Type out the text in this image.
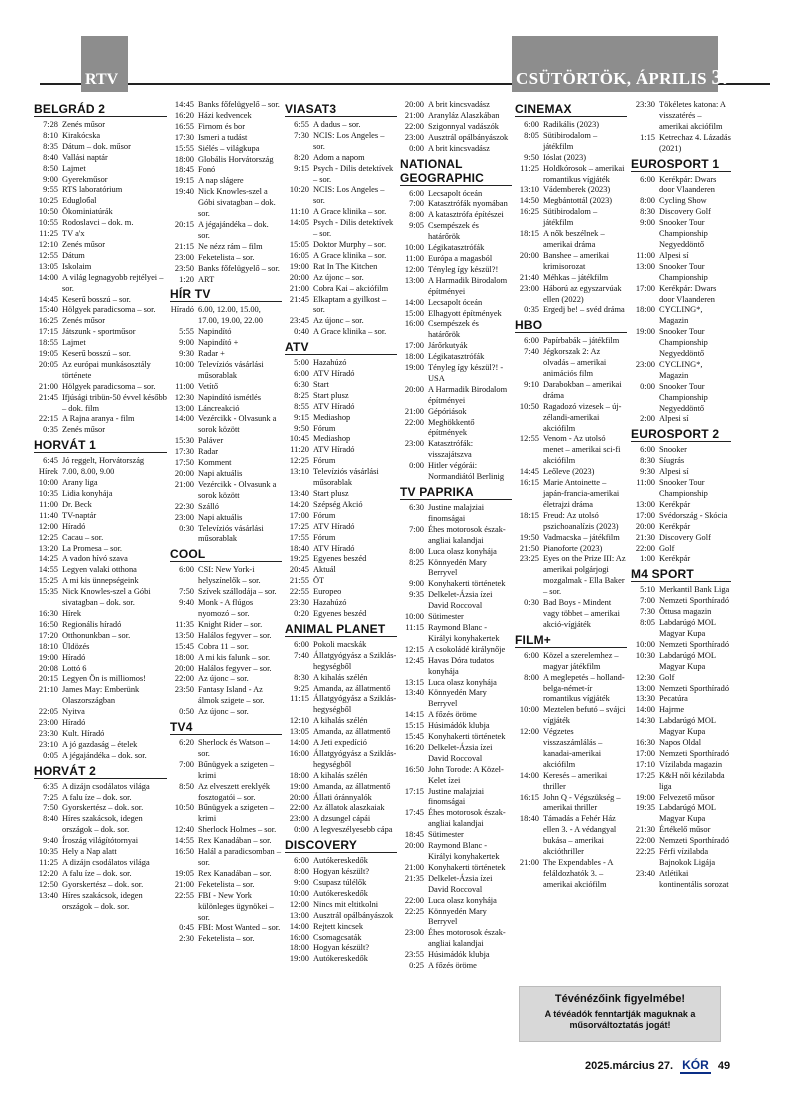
RTV	CSÜTÖRTÖK, ÁPRILIS 3.
BELGRÁD 2
7:28 Zenés műsor
8:10 Kirakócska
8:35 Dátum – dok. műsor
8:40 Vallási naptár
8:50 Lajmet
9:00 Gyerekműsor
9:55 RTS laboratórium
10:25 Edugloбal
10:50 Ökominiatúrák
10:55 Rodoslavci – dok. m.
11:25 TV a'x
12:10 Zenés műsor
12:55 Dátum
13:05 Iskolaim
14:00 A világ legnagyobb rejtélyei – sor.
14:45 Keserű bosszú – sor.
15:40 Hölgyek paradicsoma – sor.
16:25 Zenés műsor
17:15 Játszunk - sportműsor
18:55 Lajmet
19:05 Keserű bosszú – sor.
20:05 Az európai munkásosztály története
21:00 Hölgyek paradicsoma – sor.
21:45 Ifjúsági tribün-50 évvel később – dok. film
22:15 A Rajna aranya - film
0:35 Zenés műsor
HORVÁT 1
6:45 Jó reggelt, Horvátország
Hírek 7.00, 8.00, 9.00
10:00 Arany liga
10:35 Lidia konyhája
11:00 Dr. Beck
11:40 TV-naptár
12:00 Híradó
12:25 Cacau – sor.
13:20 La Promesa – sor.
14:25 A vadon hívó szava
14:55 Legyen valaki otthona
15:25 A mi kis ünnepségeink
15:35 Nick Knowles-szel a Góbi sivatagban – dok. sor.
16:30 Hírek
16:50 Regionális híradó
17:20 Otthonunkban – sor.
18:10 Üldözés
19:00 Híradó
20:08 Lottó 6
20:15 Legyen Ön is milliomos!
21:10 James May: Emberünk Olaszországban
22:05 Nyitva
23:00 Híradó
23:30 Kult. Híradó
23:10 A jó gazdaság – ételek
0:05 A jégajándéka – dok. sor.
HORVÁT 2
6:35 A dizájn csodálatos világa
7:25 A falu íze – dok. sor.
7:50 Gyorskertész – dok. sor.
8:40 Híres szakácsok, idegen országok – dok. sor.
9:40 Íroszág világítótornyai
10:35 Hely a Nap alatt
11:25 A dizájn csodálatos világa
12:20 A falu íze – dok. sor.
12:50 Gyorskertész – dok. sor.
13:40 Híres szakácsok, idegen országok – dok. sor.
14:45 Banks főfelügyelő – sor.
16:20 Házi kedvencek
16:55 Firnom és bor
17:30 Ismeri a tudást
15:55 Siélés – világkupa
18:00 Globális Horvátország
18:45 Fonó
19:15 A nap slágere
19:40 Nick Knowles-szel a Góbi sivatagban – dok. sor.
20:15 A jégajándéka – dok. sor.
21:15 Ne nézz rám – film
23:00 Feketelista – sor.
23:50 Banks főfelügyelő – sor.
1:20 ART
HÍR TV
Híradó 6.00, 12.00, 15.00, 17.00, 19.00, 22.00
5:55 Napindító
9:00 Napindító +
9:30 Radar +
10:00 Televíziós vásárlási műsorablak
11:00 Vetítő
12:30 Napindító ismétlés
13:00 Láncreakció
14:00 Vezércikk - Olvasunk a sorok között
15:30 Paláver
17:30 Radar
17:50 Komment
20:00 Napi aktuális
21:00 Vezércikk - Olvasunk a sorok között
22:30 Szálló
23:00 Napi aktuális
0:30 Televíziós vásárlási műsorablak
COOL
6:00 CSI: New York-i helyszínelők – sor.
7:50 Szívek szállodája – sor.
9:40 Monk - A flúgos nyomozó – sor.
11:35 Knight Rider – sor.
13:50 Halálos fegyver – sor.
15:45 Cobra 11 – sor.
18:00 A mi kis falunk – sor.
20:00 Halálos fegyver – sor.
22:00 Az újonc – sor.
23:50 Fantasy Island - Az álmok szigete – sor.
0:50 Az újonc – sor.
TV4
6:20 Sherlock és Watson – sor.
7:00 Bűnügyek a szigeten – krimi
8:50 Az elveszett ereklyék fosztogatói – sor.
10:50 Bűnügyek a szigeten – krimi
12:40 Sherlock Holmes – sor.
14:55 Rex Kanadában – sor.
16:50 Halál a paradicsomban – sor.
19:05 Rex Kanadában – sor.
21:00 Feketelista – sor.
22:55 FBI - New York különleges ügynökei – sor.
0:45 FBI: Most Wanted – sor.
2:30 Feketelista – sor.
VIASAT3
6:55 A dadus – sor.
7:30 NCIS: Los Angeles – sor.
8:20 Adom a napom
9:15 Psych - Dilis detektívek – sor.
10:20 NCIS: Los Angeles – sor.
11:10 A Grace klinika – sor.
14:05 Psych - Dilis detektívek – sor.
15:05 Doktor Murphy – sor.
16:05 A Grace klinika – sor.
19:00 Rat In The Kitchen
20:00 Az újonc – sor.
21:00 Cobra Kai – akciófilm
21:45 Elkaptam a gyilkost – sor.
23:45 Az újonc – sor.
0:40 A Grace klinika – sor.
ATV
5:00 Hazahúzó
6:00 ATV Híradó
6:30 Start
8:25 Start plusz
8:55 ATV Híradó
9:15 Mediashop
9:50 Fórum
10:45 Mediashop
11:20 ATV Híradó
12:25 Fórum
13:10 Televíziós vásárlási műsorablak
13:40 Start plusz
14:20 Szépség Akció
17:00 Fórum
17:25 ATV Híradó
17:55 Fórum
18:40 ATV Híradó
19:25 Egyenes beszéd
20:45 Aktuál
21:55 ÖT
22:55 Europeo
23:30 Hazahúzó
0:20 Egyenes beszéd
ANIMAL PLANET
6:00 Pokoli macskák
7:40 Állatgyógyász a Sziklás-hegységből
8:30 A kihalás szélén
9:25 Amanda, az állatmentő
11:15 Állatgyógyász a Sziklás-hegységből
12:10 A kihalás szélén
13:05 Amanda, az állatmentő
14:00 A Jeti expedíció
16:00 Állatgyógyász a Sziklás-hegységből
18:00 A kihalás szélén
19:00 Amanda, az állatmentő
20:00 Állati óránnyalók
22:00 Az állatok alaszkaiak
23:00 A dzsungel cápái
0:00 A legveszélyesebb cápa
DISCOVERY
6:00 Autókereskedők
8:00 Hogyan készült?
9:00 Csupasz túlélők
10:00 Autókereskedők
12:00 Nincs mit eltitkolni
13:00 Ausztrál opálbányászok
14:00 Rejtett kincsek
16:00 Csomagcsaták
18:00 Hogyan készült?
19:00 Autókereskedők
20:00 A brit kincsvadász
21:00 Aranyláz Alaszkában
22:00 Szigonnyal vadászók
23:00 Ausztrál opálbányászok
0:00 A brit kincsvadász
NATIONAL GEOGRAPHIC
6:00 Lecsapolt óceán
7:00 Katasztrófák nyomában
8:00 A katasztrófa építészei
9:05 Csempészek és határőrök
10:00 Légikatasztrófák
11:00 Európa a magasból
12:00 Tényleg így készül?!
13:00 A Harmadik Birodalom építményei
14:00 Lecsapolt óceán
15:00 Elhagyott építmények
16:00 Csempészek és határőrök
17:00 Járőrkutyák
18:00 Légikatasztrófák
19:00 Tényleg így készül?! - USA
20:00 A Harmadik Birodalom építményei
21:00 Gépóriások
22:00 Meghökkentő építmények
23:00 Katasztrófák: visszajátszva
0:00 Hitler végórái: Normandiától Berlinig
TV PAPRIKA
6:30 Justine malajziai finomságai
7:00 Éhes motorosok észak-angliai kalandjai
8:00 Luca olasz konyhája
8:25 Könnyedén Mary Berryvel
9:00 Konyhakerti történetek
9:35 Delkelet-Ázsia ízei David Roccoval
10:00 Sütimester
11:15 Raymond Blanc - Királyi konyhakertek
12:15 A csokoládé királynője
12:45 Havas Dóra tudatos konyhája
13:15 Luca olasz konyhája
13:40 Könnyedén Mary Berryvel
14:15 A főzés öröme
15:15 Húsimádók klubja
15:45 Konyhakerti történetek
16:20 Delkelet-Ázsia ízei David Roccoval
16:50 John Torode: A Közel-Kelet ízei
17:15 Justine malajziai finomságai
17:45 Éhes motorosok észak-angliai kalandjai
18:45 Sütimester
20:00 Raymond Blanc - Királyi konyhakertek
21:00 Konyhakerti történetek
21:35 Delkelet-Ázsia ízei David Roccoval
22:00 Luca olasz konyhája
22:25 Könnyedén Mary Berryvel
23:00 Éhes motorosok észak-angliai kalandjai
23:55 Húsimádók klubja
0:25 A főzés öröme
CINEMAX
6:00 Radikális (2023)
8:05 Sütibirodalom – játékfilm
9:50 Ióslat (2023)
11:25 Holdkórosok – amerikai romantikus vígjáték
13:10 Vádemberek (2023)
14:50 Megbántottál (2023)
16:25 Sütibirodalom – játékfilm
18:15 A nők beszélnek – amerikai dráma
20:00 Banshee – amerikai krimisorozat
21:40 Méhkas – játékfilm
23:00 Háború az egyszarvúak ellen (2022)
0:35 Ergedj be! – svéd dráma
HBO
6:00 Papírbabák – játékfilm
7:40 Jégkorszak 2: Az olvadás – amerikai animációs film
9:10 Darabokban – amerikai dráma
10:50 Ragadozó vizesek – új-zélandi-amerikai akciófilm
12:55 Venom - Az utolsó menet – amerikai sci-fi akciófilm
14:45 Leőleve (2023)
16:15 Marie Antoinette – japán-francia-amerikai életrajzi dráma
18:15 Freud: Az utolsó pszichoanalízis (2023)
19:50 Vadmacska – játékfilm
21:50 Pianoforte (2023)
23:25 Eyes on the Prize III: Az amerikai polgárjogi mozgalmak - Ella Baker – sor.
0:30 Bad Boys - Mindent vagy többet – amerikai akció-vígjáték
FILM+
6:00 Közel a szerelemhez – magyar játékfilm
8:00 A meglepetés – holland-belga-német-ír romantikus vígjáték
10:00 Meztelen befutó – svájci vígjáték
12:00 Végzetes visszaszámlálás – kanadai-amerikai akciófilm
14:00 Keresés – amerikai thriller
16:15 John Q - Végszükség – amerikai thriller
18:40 Támadás a Fehér Ház ellen 3. - A védangyal bukása – amerikai akcióthriller
21:00 The Expendables - A feláldozhatók 3. – amerikai akciófilm
23:30 Tökéletes katona: A visszatérés – amerikai akciófilm
1:15 Ketrechaz 4. Lázadás (2021)
EUROSPORT 1
6:00 Kerékpár: Dwars door Vlaanderen
8:00 Cycling Show
8:30 Discovery Golf
9:00 Snooker Tour Championship Negyeddöntő
11:00 Alpesi sí
13:00 Snooker Tour Championship
17:00 Kerékpár: Dwars door Vlaanderen
18:00 CYCLING*, Magazin
19:00 Snooker Tour Championship Negyeddöntő
23:00 CYCLING*, Magazin
0:00 Snooker Tour Championship Negyeddöntő
2:00 Alpesi sí
EUROSPORT 2
6:00 Snooker
8:30 Síugrás
9:30 Alpesi sí
11:00 Snooker Tour Championship
13:00 Kerékpár
17:00 Svédország - Skócia
20:00 Kerékpár
21:30 Discovery Golf
22:00 Golf
1:00 Kerékpár
M4 SPORT
5:10 Merkantil Bank Liga
7:00 Nemzeti Sporthíradó
7:30 Öttusa magazin
8:05 Labdarúgó MOL Magyar Kupa
10:00 Nemzeti Sporthíradó
10:30 Labdarúgó MOL Magyar Kupa
12:30 Golf
13:00 Nemzeti Sporthíradó
13:30 Pecatúra
14:00 Hajrme
14:30 Labdarúgó MOL Magyar Kupa
16:30 Napos Oldal
17:00 Nemzeti Sporthíradó
17:10 Vízilabda magazin
17:25 K&H női kézilabda liga
19:00 Felvezető műsor
19:35 Labdarúgó MOL Magyar Kupa
21:30 Értékelő műsor
22:00 Nemzeti Sporthíradó
22:25 Férfi vízilabda Bajnokok Ligája
23:40 Atlétikai kontinentális sorozat
Tévénézőink figyelmébe!
A tévéadók fenntartják maguknak a műsorváltoztatás jogát!
2025.március 27. KÓR 49
